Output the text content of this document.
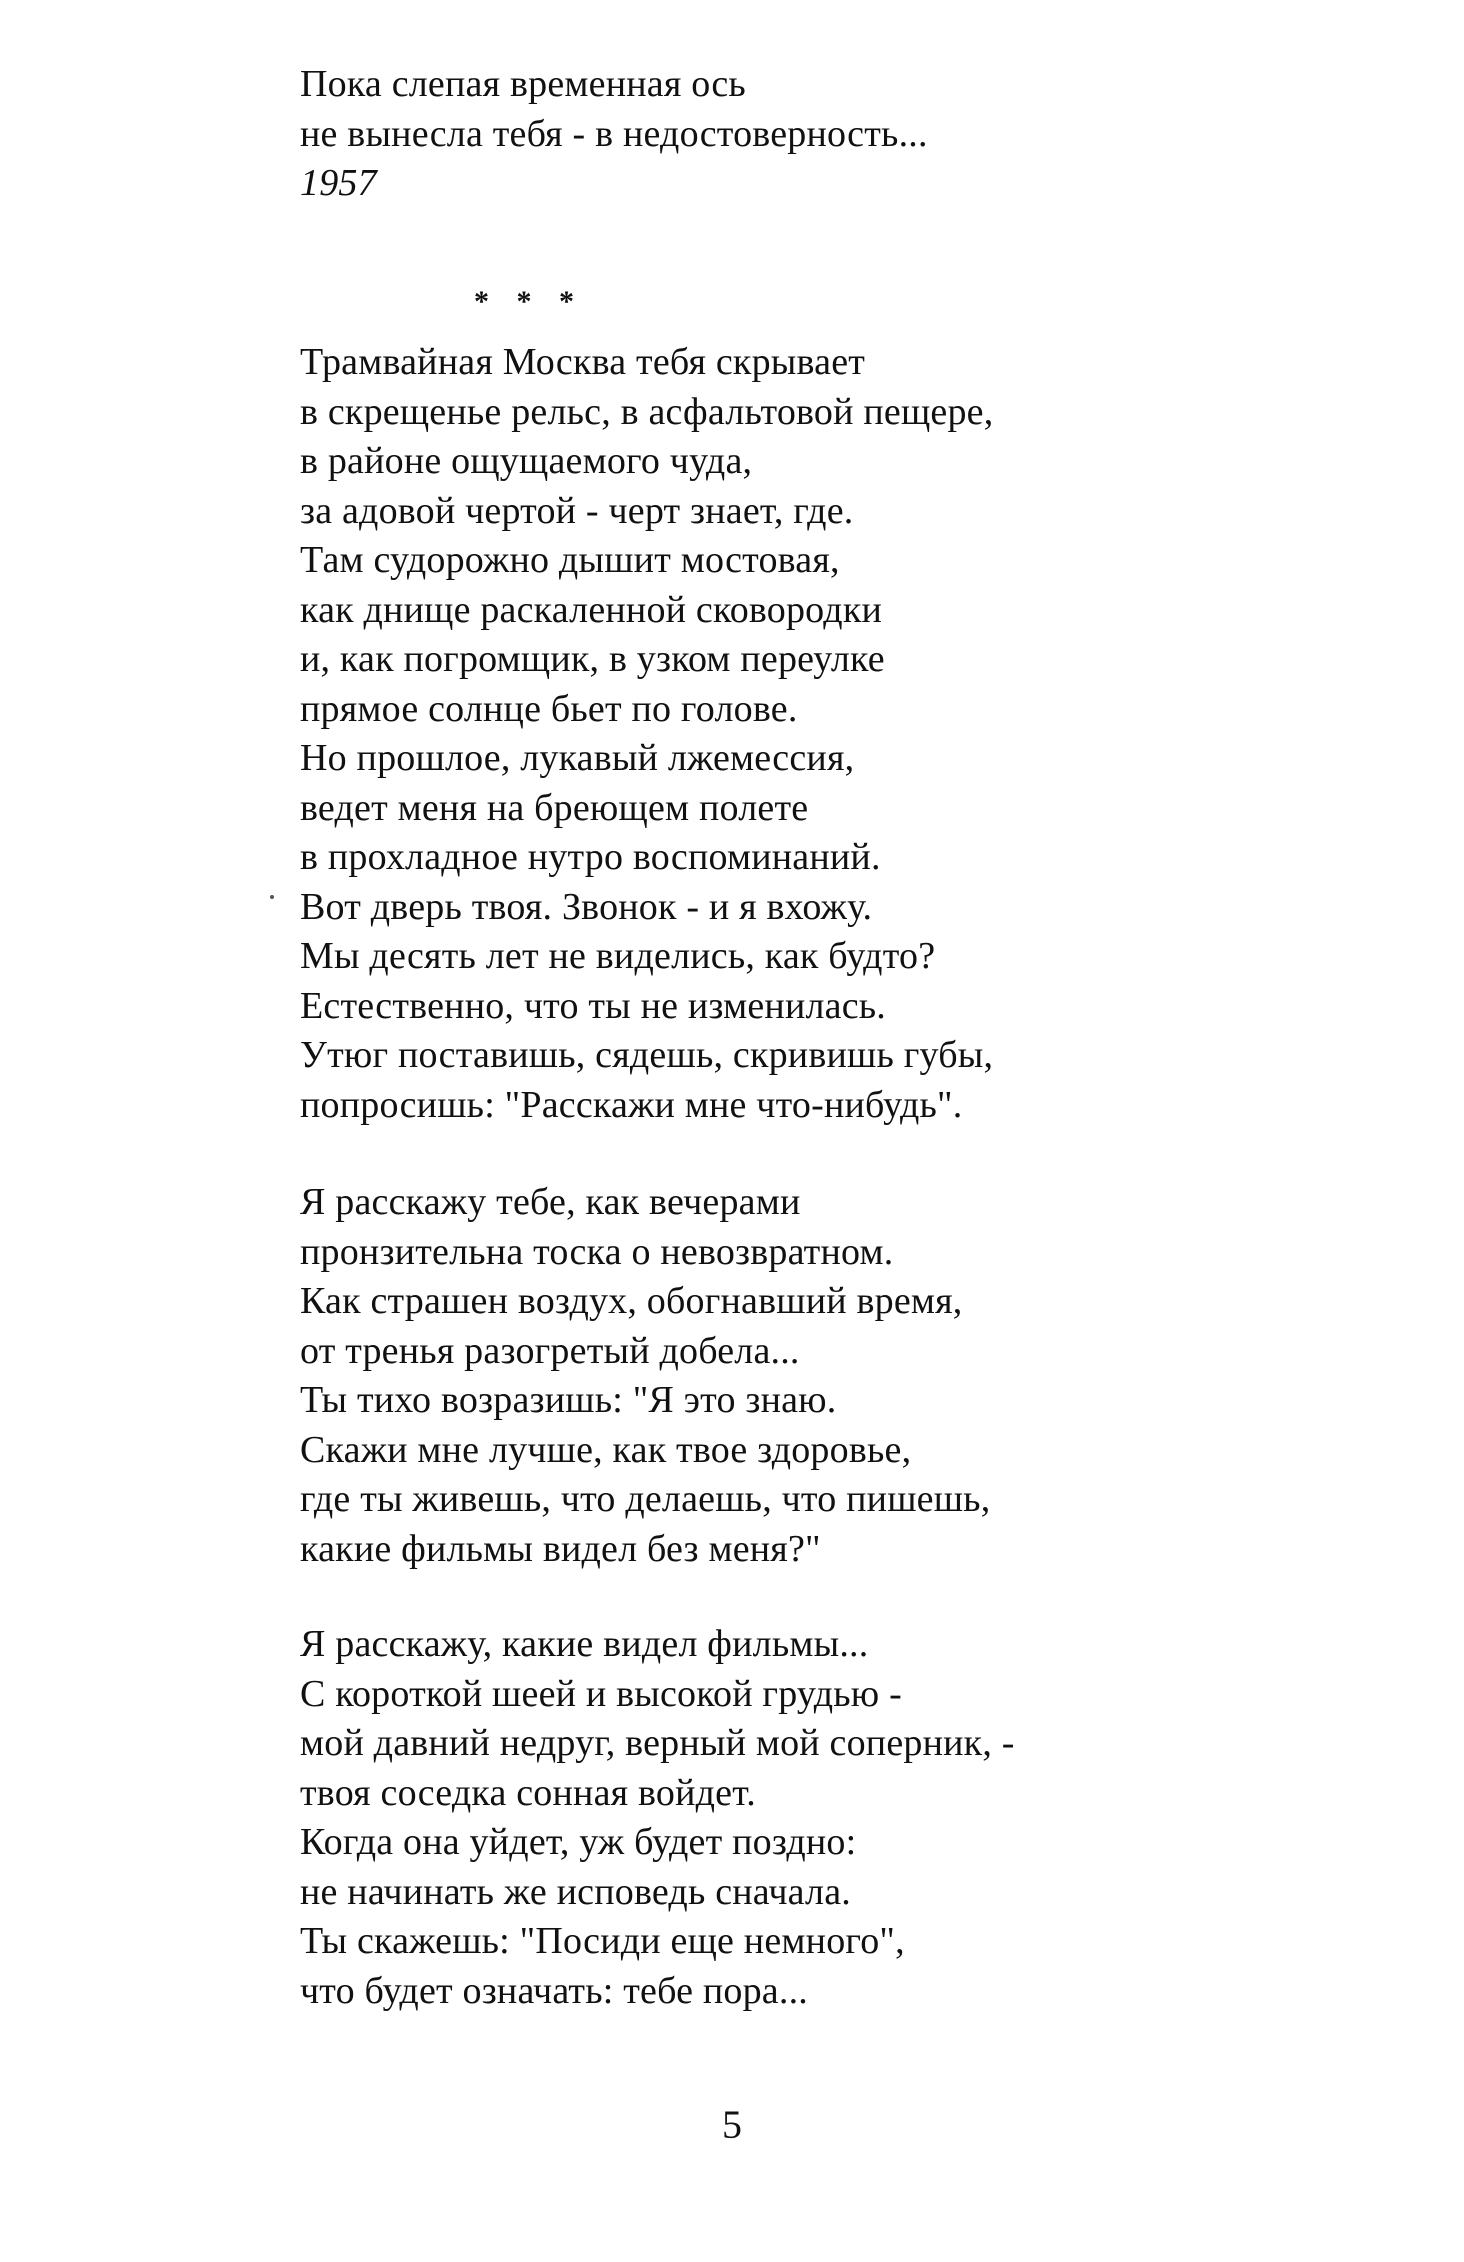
Пока слепая временная ось
не вынесла тебя - в недостоверность...
1957
* * *
Трамвайная Москва тебя скрывает
в скрещенье рельс, в асфальтовой пещере,
в районе ощущаемого чуда,
за адовой чертой - черт знает, где.
Там судорожно дышит мостовая,
как днище раскаленной сковородки
и, как погромщик, в узком переулке
прямое солнце бьет по голове.
Но прошлое, лукавый лжемессия,
ведет меня на бреющем полете
в прохладное нутро воспоминаний.
Вот дверь твоя. Звонок - и я вхожу.
Мы десять лет не виделись, как будто?
Естественно, что ты не изменилась.
Утюг поставишь, сядешь, скривишь губы,
попросишь: "Расскажи мне что-нибудь".
Я расскажу тебе, как вечерами
пронзительна тоска о невозвратном.
Как страшен воздух, обогнавший время,
от тренья разогретый добела...
Ты тихо возразишь: "Я это знаю.
Скажи мне лучше, как твое здоровье,
где ты живешь, что делаешь, что пишешь,
какие фильмы видел без меня?"
Я расскажу, какие видел фильмы...
С короткой шеей и высокой грудью -
мой давний недруг, верный мой соперник, -
твоя соседка сонная войдет.
Когда она уйдет, уж будет поздно:
не начинать же исповедь сначала.
Ты скажешь: "Посиди еще немного",
что будет означать: тебе пора...
5
